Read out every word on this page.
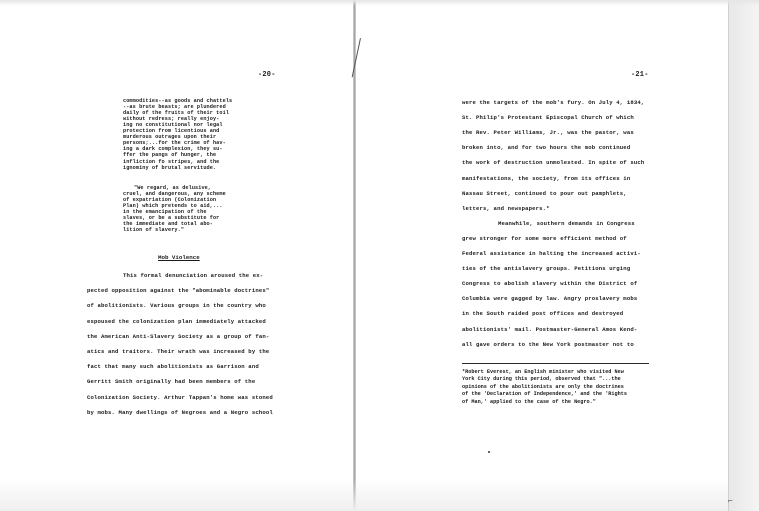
-20-
commodities--as goods and chattels
--as brute beasts; are plundered
daily of the fruits of their toil
without redress; really enjoy-
ing no constitutional nor legal
protection from licentious and
murderous outrages upon their
persons;...for the crime of hav-
ing a dark complexion, they su-
ffer the pangs of hunger, the
infliction fo stripes, and the
ignominy of brutal servitude.
"We regard, as delusive,
cruel, and dangerous, any scheme
of expatriation (Colonization
Plan) which pretends to aid,...
in the emancipation of the
slaves, or be a substitute for
the immediate and total abo-
lition of slavery."
Mob Violence
This formal denunciation aroused the ex-
pected opposition against the "abominable doctrines"
of abolitionists. Various groups in the country who
espoused the colonization plan immediately attacked
the American Anti-Slavery Society as a group of fan-
atics and traitors. Their wrath was increased by the
fact that many such abolitionists as Garrison and
Gerritt Smith originally had been members of the
Colonization Society. Arthur Tappan's home was stoned
by mobs. Many dwellings of Negroes and a Negro school
-21-
were the targets of the mob's fury. On July 4, 1834,
St. Philip's Protestant Episcopal Church of which
the Rev. Peter Williams, Jr., was the pastor, was
broken into, and for two hours the mob continued
the work of destruction unmolested. In spite of such
manifestations, the society, from its offices in
Nassau Street, continued to pour out pamphlets,
letters, and newspapers.*
Meanwhile, southern demands in Congress
grew stronger for some more efficient method of
Federal assistance in halting the increased activi-
ties of the antislavery groups. Petitions urging
Congress to abolish slavery within the District of
Columbia were gagged by law. Angry proslavery mobs
in the South raided post offices and destroyed
abolitionists' mail. Postmaster-General Amos Kend-
all gave orders to the New York postmaster not to
*Robert Everest, an English minister who visited New
York City during this period, observed that "...the
opinions of the abolitionists are only the doctrines
of the 'Declaration of Independence,' and the 'Rights
of Man,' applied to the case of the Negro."
⌐
